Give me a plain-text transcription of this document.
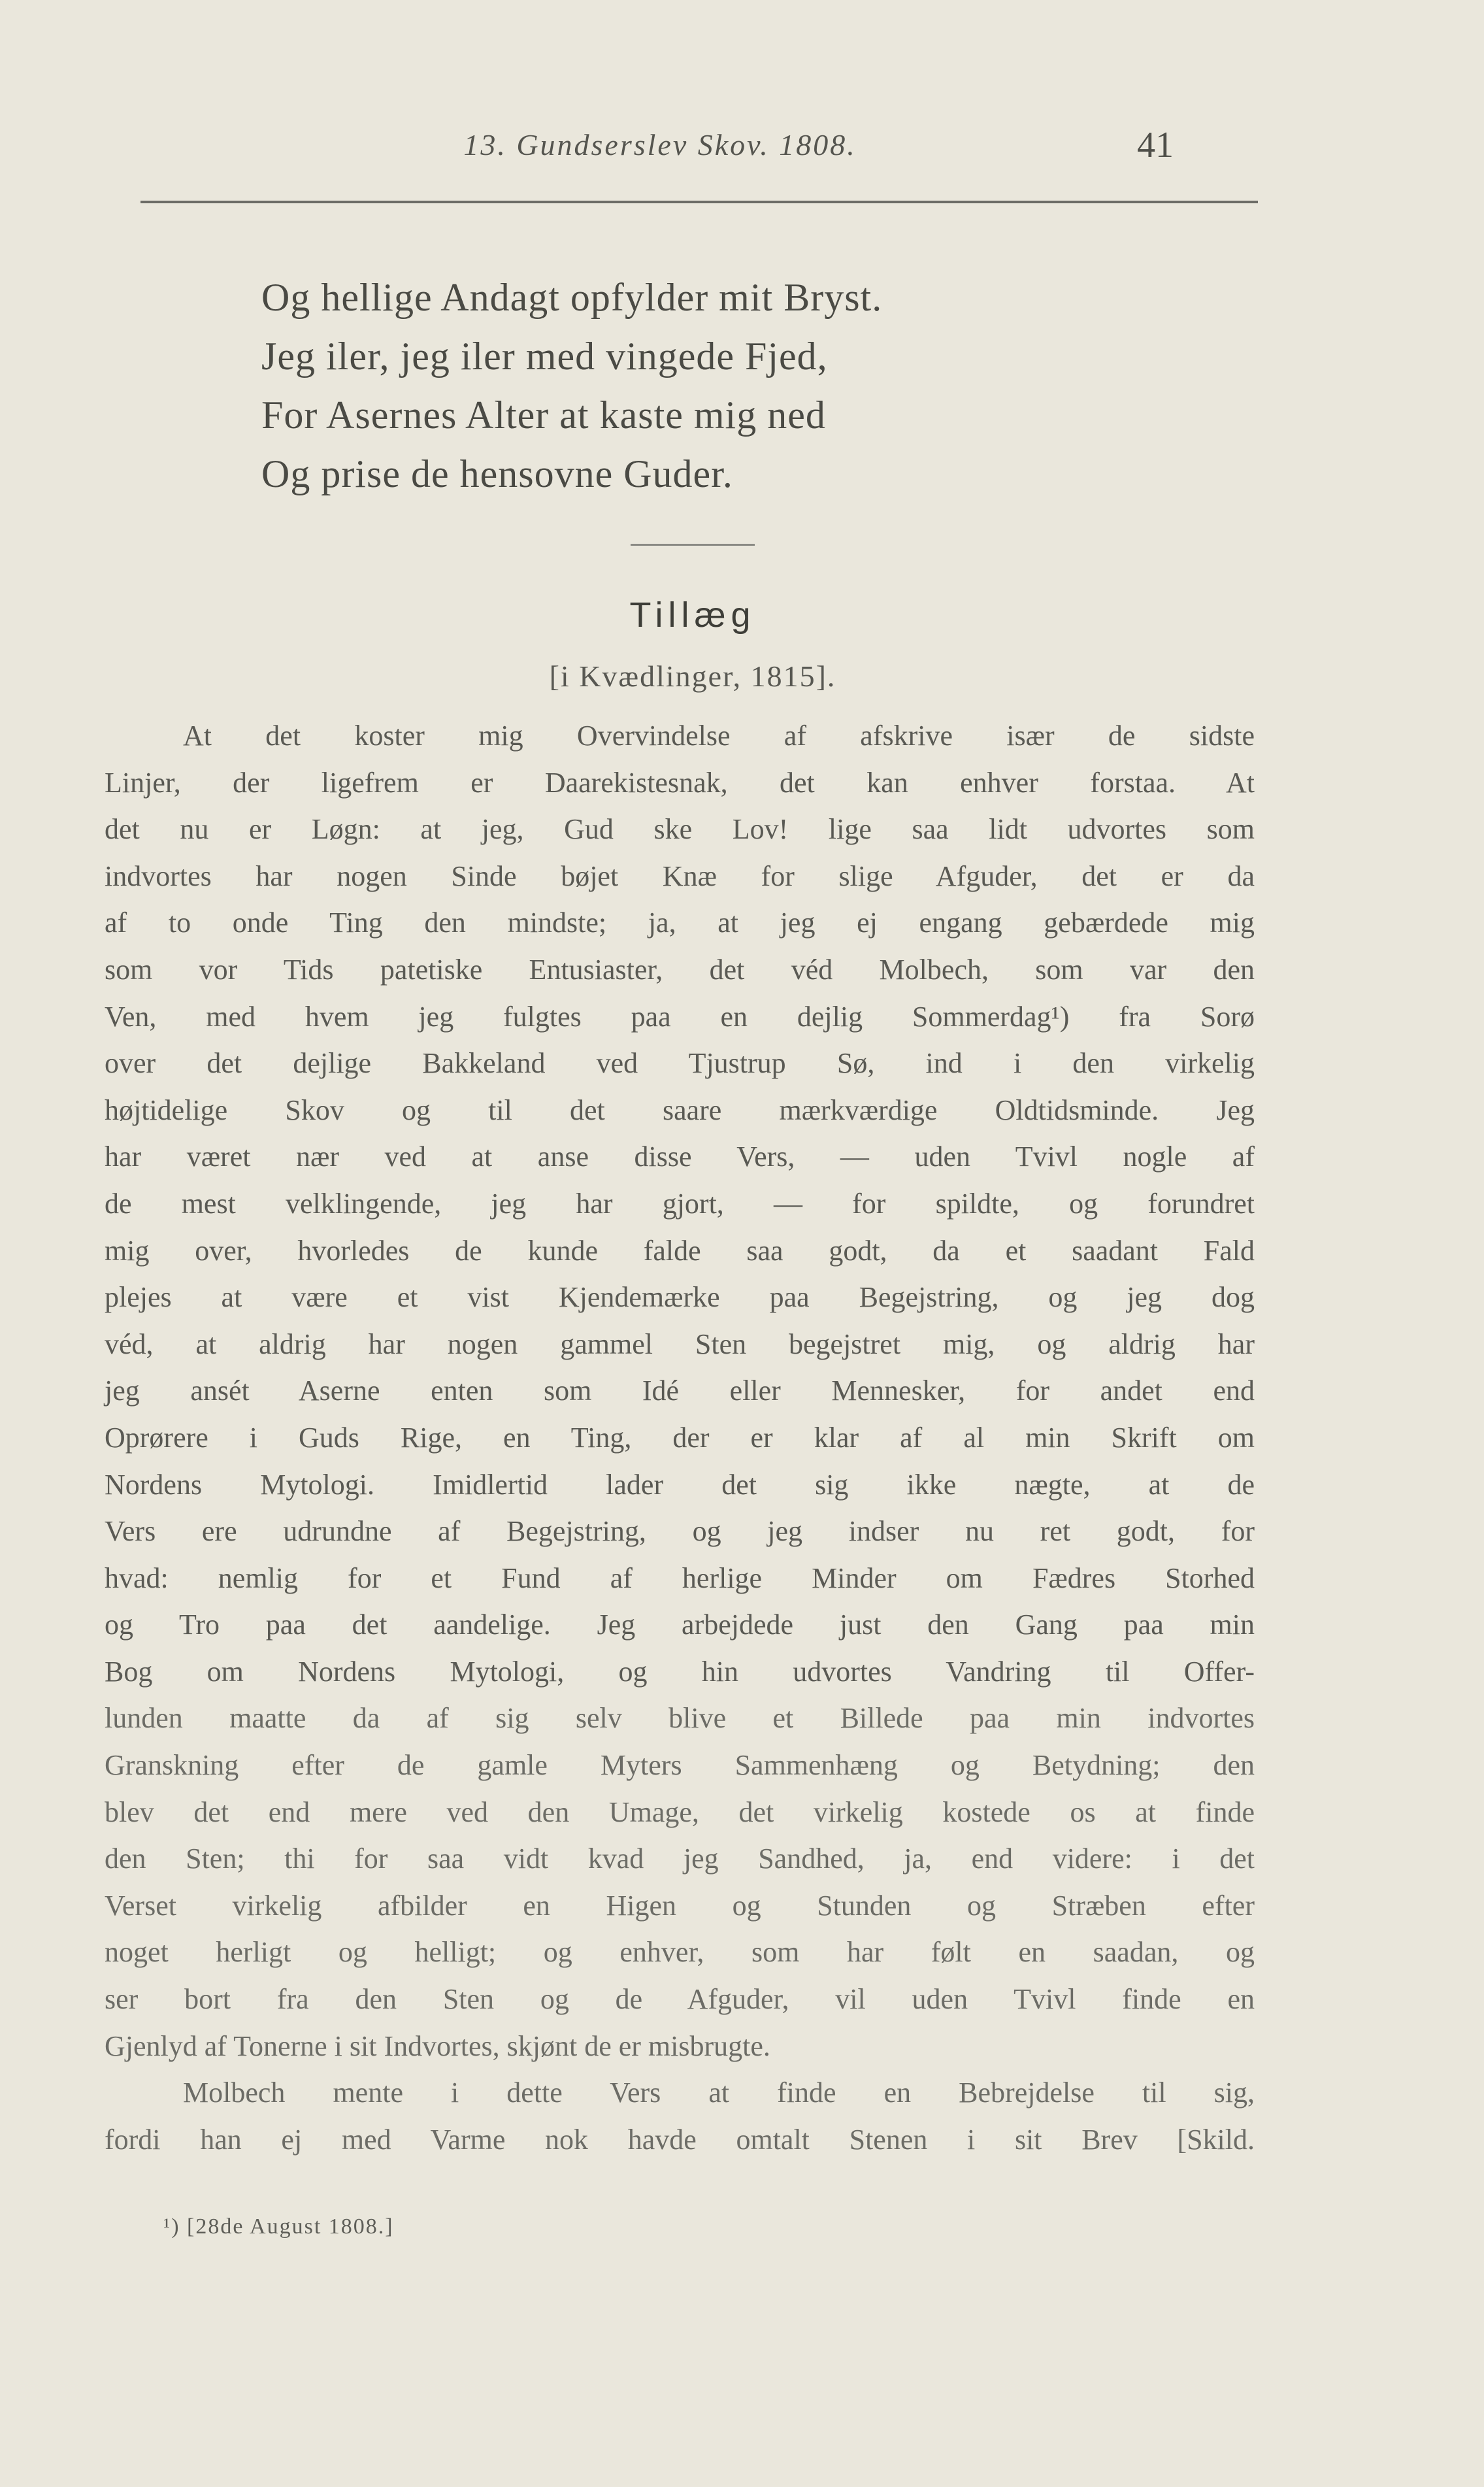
13. Gundserslev Skov. 1808.	41
Og hellige Andagt opfylder mit Bryst.
Jeg iler, jeg iler med vingede Fjed,
For Asernes Alter at kaste mig ned
Og prise de hensovne Guder.
Tillæg
[i Kvædlinger, 1815].
At det koster mig Overvindelse af afskrive især de sidste
Linjer, der ligefrem er Daarekistesnak, det kan enhver forstaa. At
det nu er Løgn: at jeg, Gud ske Lov! lige saa lidt udvortes som
indvortes har nogen Sinde bøjet Knæ for slige Afguder, det er da
af to onde Ting den mindste; ja, at jeg ej engang gebærdede mig
som vor Tids patetiske Entusiaster, det véd Molbech, som var den
Ven, med hvem jeg fulgtes paa en dejlig Sommerdag¹) fra Sorø
over det dejlige Bakkeland ved Tjustrup Sø, ind i den virkelig
højtidelige Skov og til det saare mærkværdige Oldtidsminde. Jeg
har været nær ved at anse disse Vers, — uden Tvivl nogle af
de mest velklingende, jeg har gjort, — for spildte, og forundret
mig over, hvorledes de kunde falde saa godt, da et saadant Fald
plejes at være et vist Kjendemærke paa Begejstring, og jeg dog
véd, at aldrig har nogen gammel Sten begejstret mig, og aldrig har
jeg ansét Aserne enten som Idé eller Mennesker, for andet end
Oprørere i Guds Rige, en Ting, der er klar af al min Skrift om
Nordens Mytologi. Imidlertid lader det sig ikke nægte, at de
Vers ere udrundne af Begejstring, og jeg indser nu ret godt, for
hvad: nemlig for et Fund af herlige Minder om Fædres Storhed
og Tro paa det aandelige. Jeg arbejdede just den Gang paa min
Bog om Nordens Mytologi, og hin udvortes Vandring til Offer-
lunden maatte da af sig selv blive et Billede paa min indvortes
Granskning efter de gamle Myters Sammenhæng og Betydning; den
blev det end mere ved den Umage, det virkelig kostede os at finde
den Sten; thi for saa vidt kvad jeg Sandhed, ja, end videre: i det
Verset virkelig afbilder en Higen og Stunden og Stræben efter
noget herligt og helligt; og enhver, som har følt en saadan, og
ser bort fra den Sten og de Afguder, vil uden Tvivl finde en
Gjenlyd af Tonerne i sit Indvortes, skjønt de er misbrugte.
Molbech mente i dette Vers at finde en Bebrejdelse til sig,
fordi han ej med Varme nok havde omtalt Stenen i sit Brev [Skild.
¹) [28de August 1808.]
